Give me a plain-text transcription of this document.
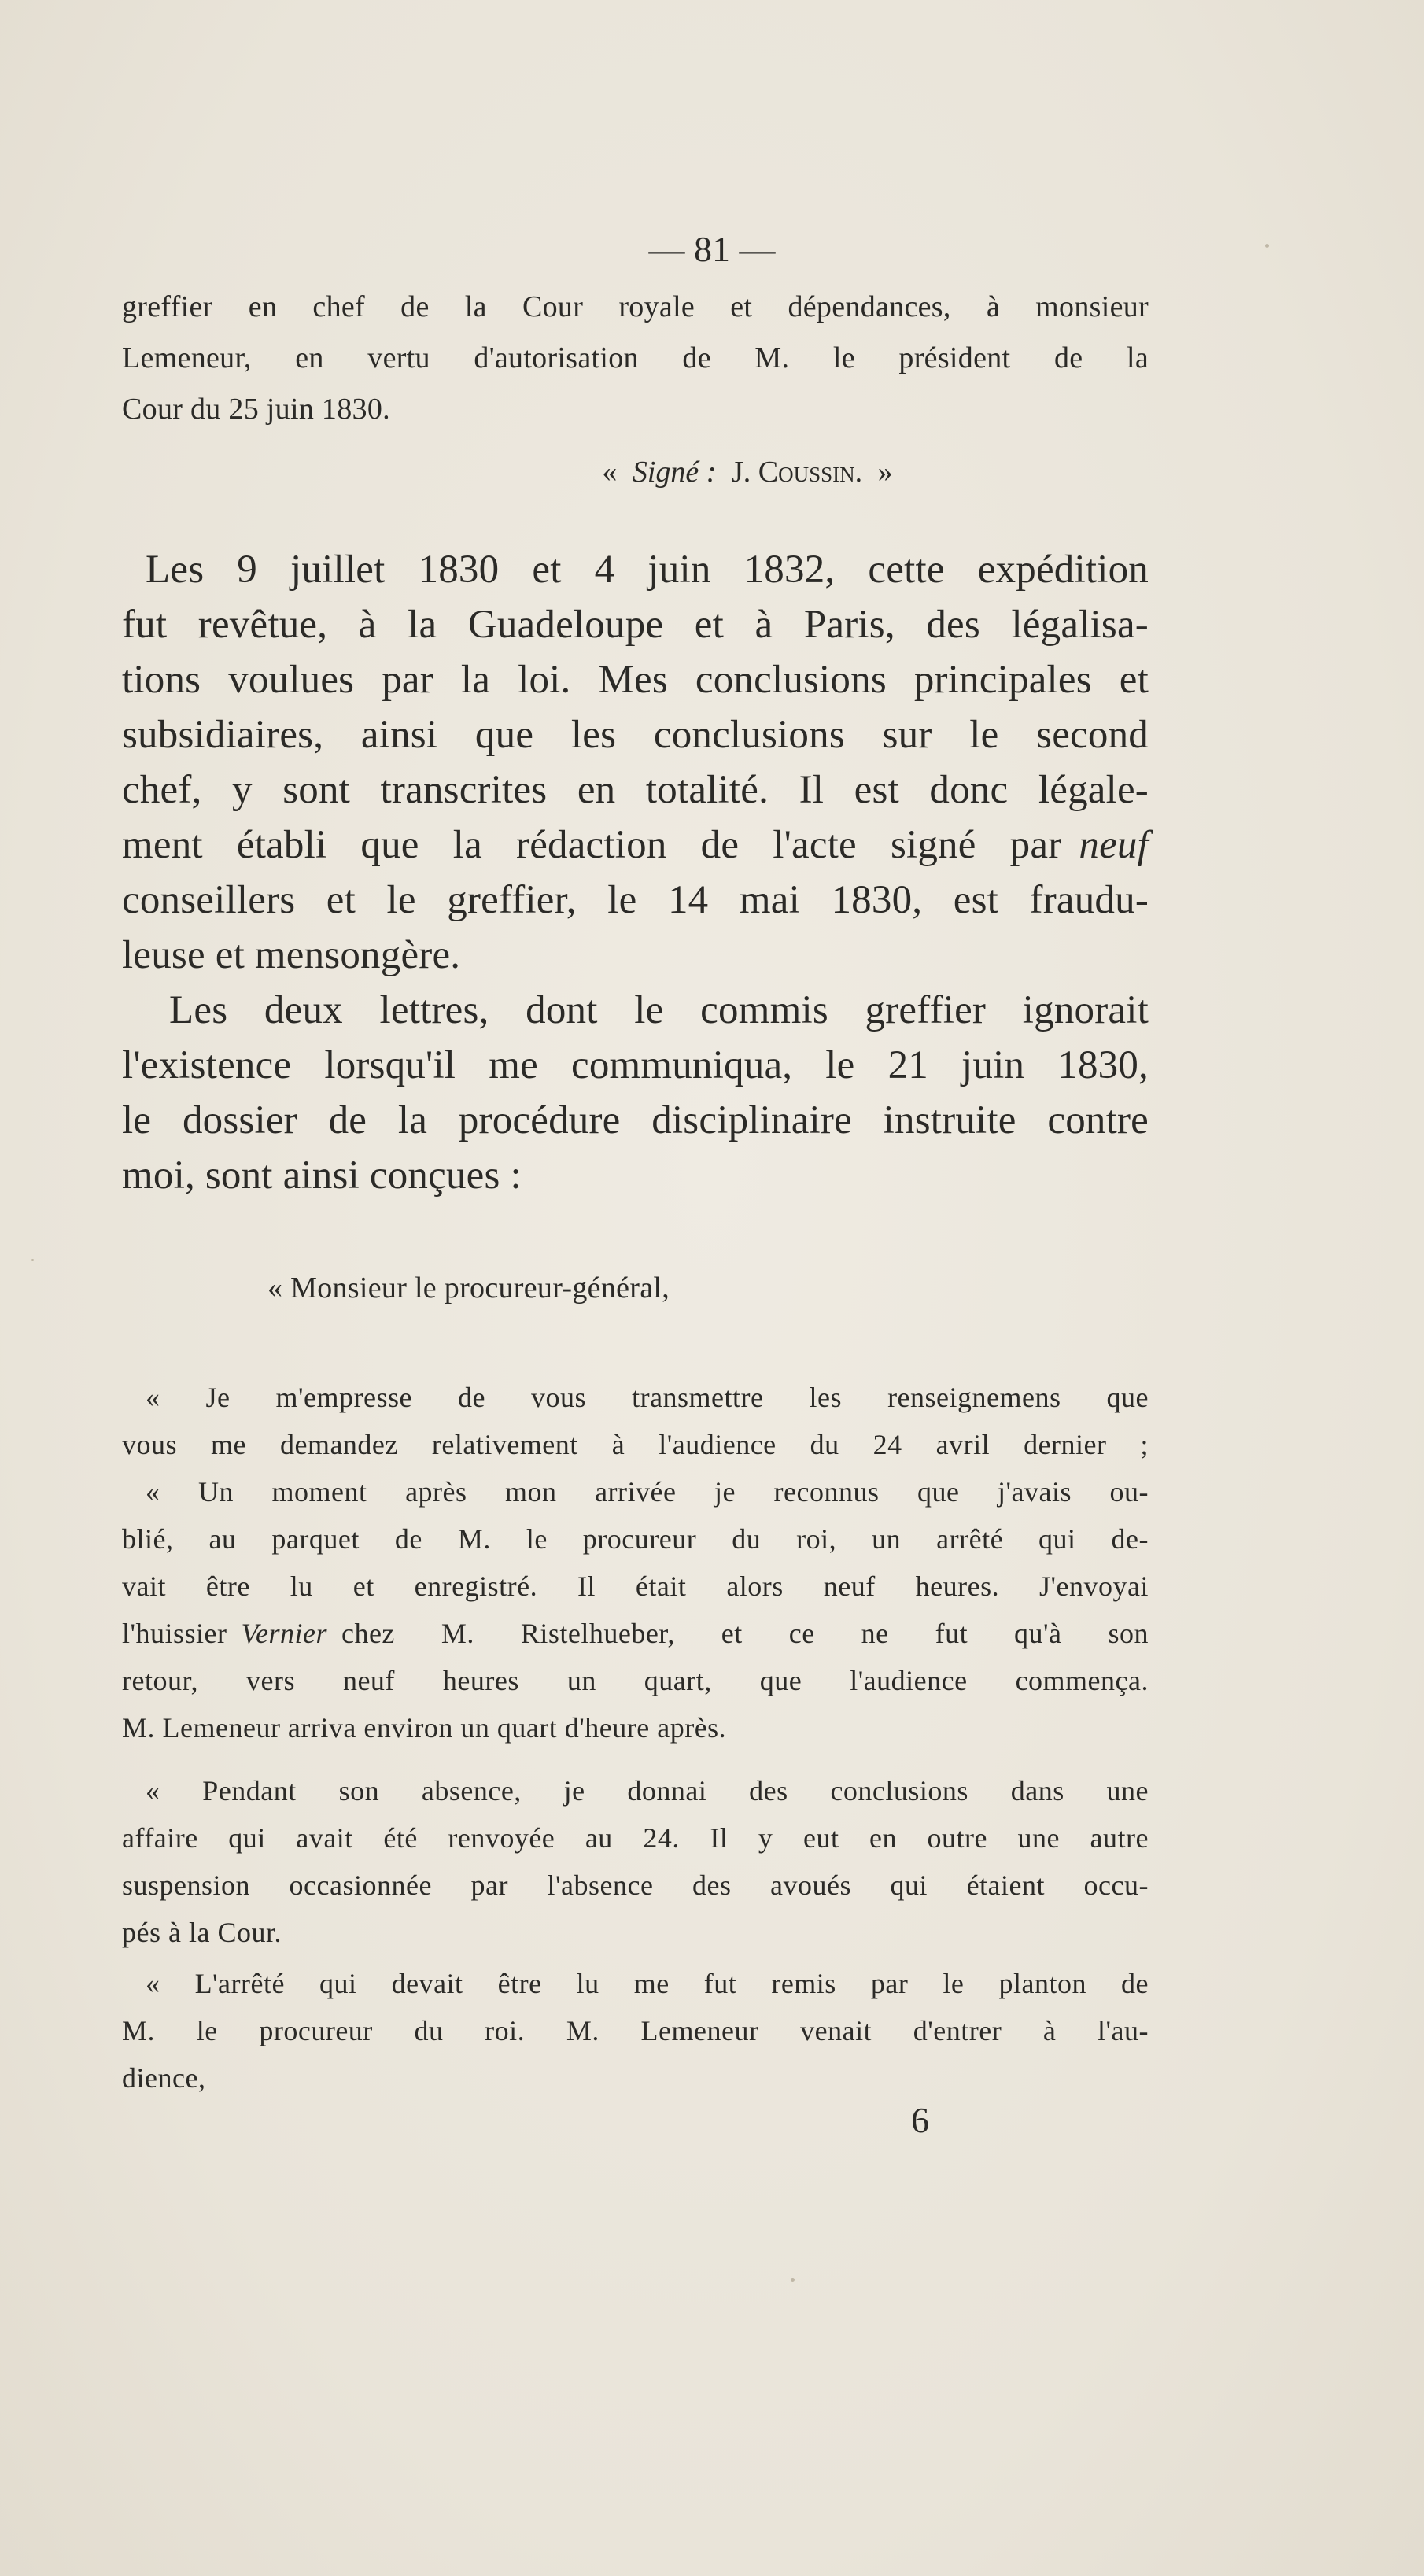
— 81 —
greffier en chef de la Cour royale et dépendances, à monsieur
Lemeneur, en vertu d'autorisation de M. le président de la
Cour du 25 juin 1830.
« Signé : J. Coussin. »
Les 9 juillet 1830 et 4 juin 1832, cette expédition
fut revêtue, à la Guadeloupe et à Paris, des légalisa-
tions voulues par la loi. Mes conclusions principales et
subsidiaires, ainsi que les conclusions sur le second
chef, y sont transcrites en totalité. Il est donc légale-
ment établi que la rédaction de l'acte signé par neuf
conseillers et le greffier, le 14 mai 1830, est fraudu-
leuse et mensongère.
Les deux lettres, dont le commis greffier ignorait
l'existence lorsqu'il me communiqua, le 21 juin 1830,
le dossier de la procédure disciplinaire instruite contre
moi, sont ainsi conçues :
« Monsieur le procureur-général,
« Je m'empresse de vous transmettre les renseignemens que
vous me demandez relativement à l'audience du 24 avril dernier ;
« Un moment après mon arrivée je reconnus que j'avais ou-
blié, au parquet de M. le procureur du roi, un arrêté qui de-
vait être lu et enregistré. Il était alors neuf heures. J'envoyai
l'huissier Vernier chez M. Ristelhueber, et ce ne fut qu'à son
retour, vers neuf heures un quart, que l'audience commença.
M. Lemeneur arriva environ un quart d'heure après.
« Pendant son absence, je donnai des conclusions dans une
affaire qui avait été renvoyée au 24. Il y eut en outre une autre
suspension occasionnée par l'absence des avoués qui étaient occu-
pés à la Cour.
« L'arrêté qui devait être lu me fut remis par le planton de
M. le procureur du roi. M. Lemeneur venait d'entrer à l'au-
dience,
6
